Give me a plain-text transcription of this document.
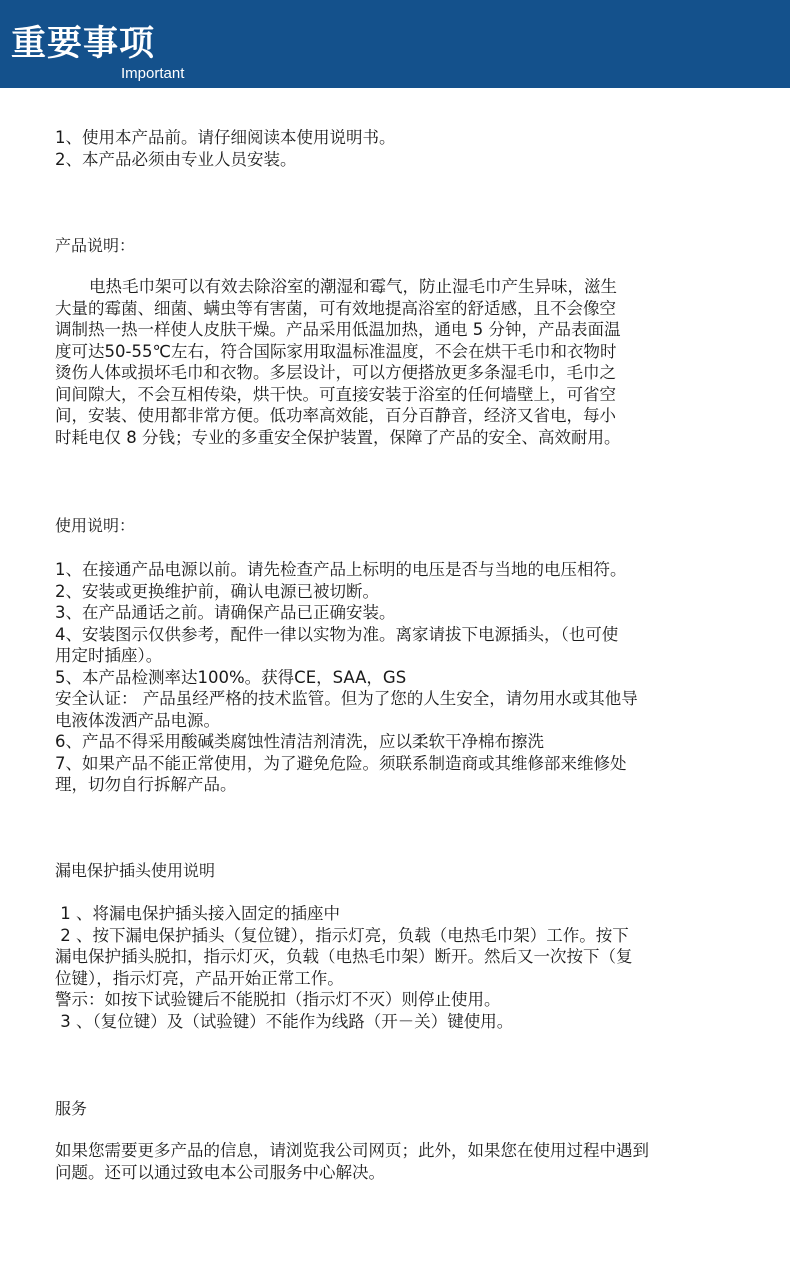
重要事项
Important

1、使用本产品前。请仔细阅读本使用说明书。

2、本产品必须由专业人员安装。

产品说明：

电热毛巾架可以有效去除浴室的潮湿和霉气，防止湿毛巾产生异味，滋生

大量的霉菌、细菌、螨虫等有害菌，可有效地提高浴室的舒适感，且不会像空

调制热一热一样使人皮肤干燥。产品采用低温加热，通电 5 分钟，产品表面温

度可达50-55℃左右，符合国际家用取温标准温度，不会在烘干毛巾和衣物时

烫伤人体或损坏毛巾和衣物。多层设计，可以方便搭放更多条湿毛巾，毛巾之

间间隙大，不会互相传染，烘干快。可直接安装于浴室的任何墙壁上，可省空

间，安装、使用都非常方便。低功率高效能，百分百静音，经济又省电，每小

时耗电仅 8 分钱；专业的多重安全保护装置，保障了产品的安全、高效耐用。

使用说明：

1、在接通产品电源以前。请先检查产品上标明的电压是否与当地的电压相符。

2、安装或更换维护前，确认电源已被切断。

3、在产品通话之前。请确保产品已正确安装。

4、安装图示仅供参考，配件一律以实物为准。离家请拔下电源插头，（也可使

用定时插座）。

5、本产品检测率达100%。获得CE，SAA，GS

安全认证： 产品虽经严格的技术监管。但为了您的人生安全，请勿用水或其他导

电液体泼洒产品电源。

6、产品不得采用酸碱类腐蚀性清洁剂清洗，应以柔软干净棉布擦洗

7、如果产品不能正常使用，为了避免危险。须联系制造商或其维修部来维修处

理，切勿自行拆解产品。

漏电保护插头使用说明

1 、将漏电保护插头接入固定的插座中

2 、按下漏电保护插头（复位键），指示灯亮，负载（电热毛巾架）工作。按下

漏电保护插头脱扣，指示灯灭，负载（电热毛巾架）断开。然后又一次按下（复

位键），指示灯亮，产品开始正常工作。

警示：如按下试验键后不能脱扣（指示灯不灭）则停止使用。

3 、（复位键）及（试验键）不能作为线路（开－关）键使用。

服务

如果您需要更多产品的信息，请浏览我公司网页；此外，如果您在使用过程中遇到

问题。还可以通过致电本公司服务中心解决。
